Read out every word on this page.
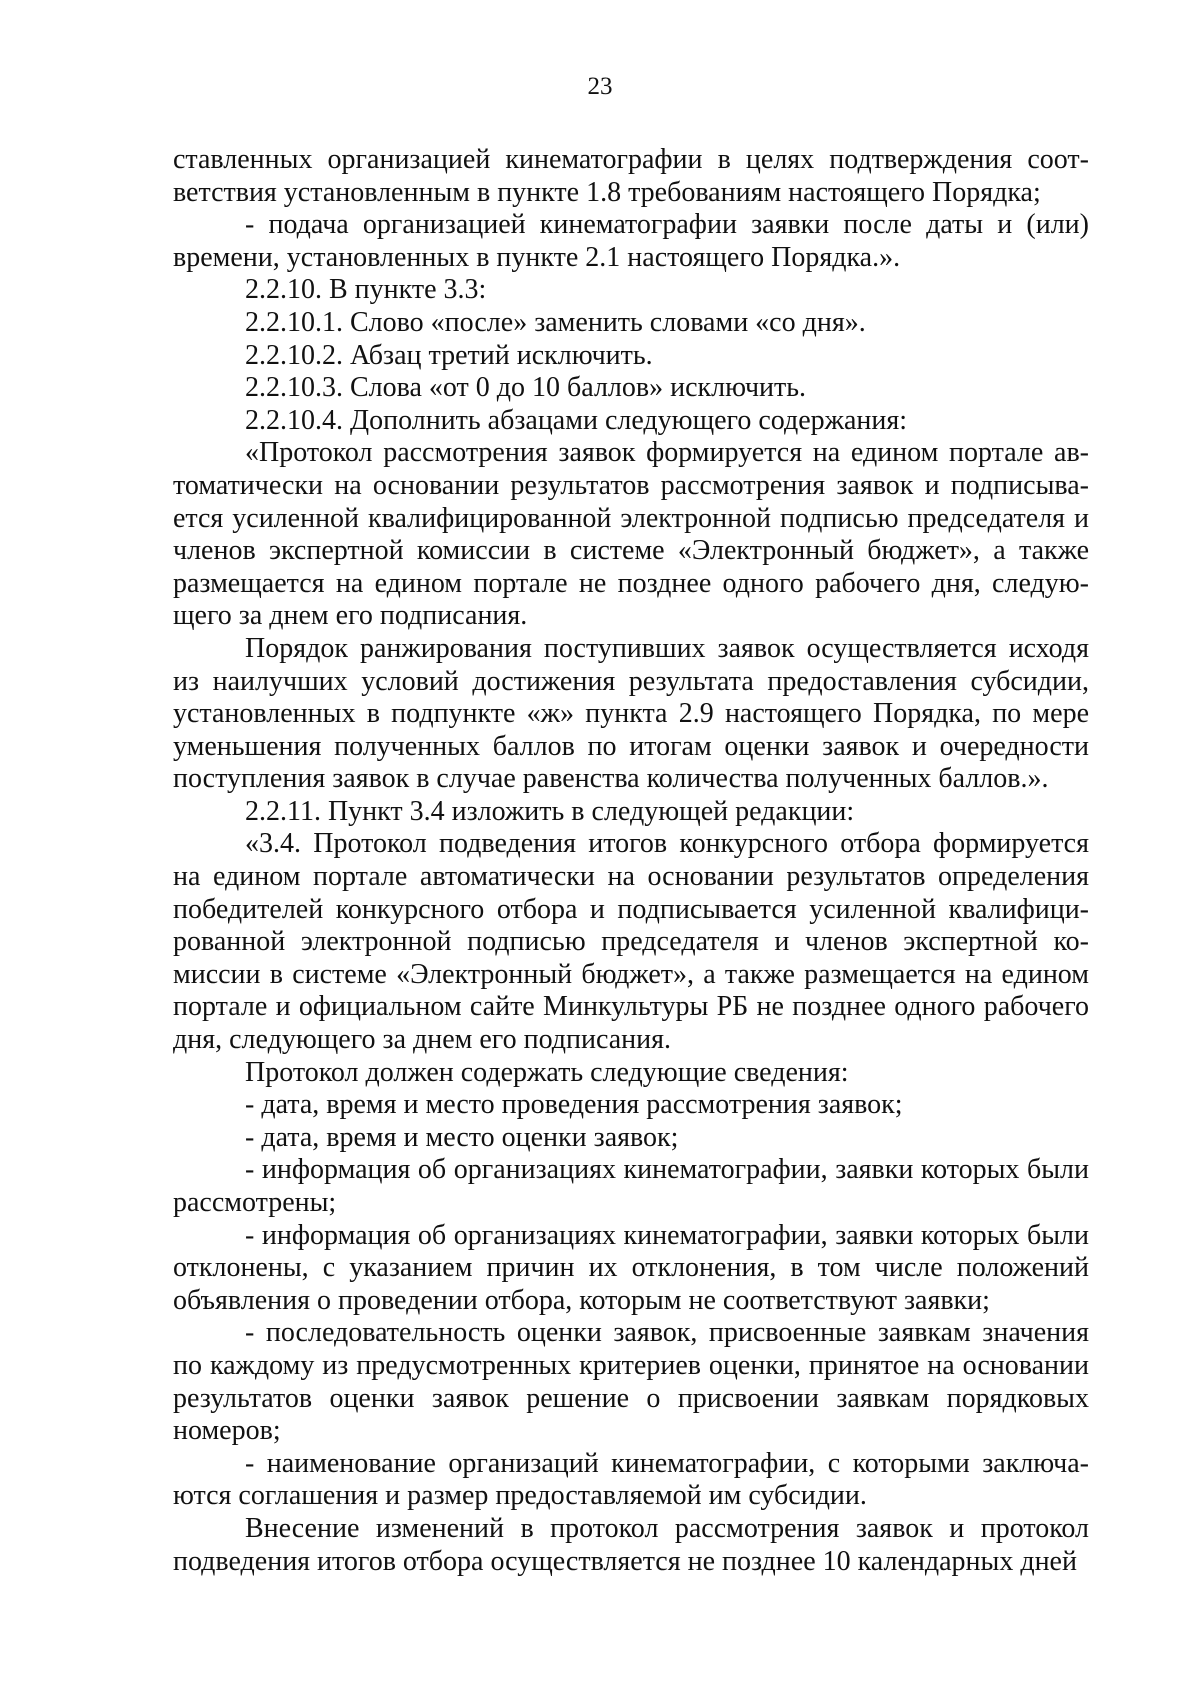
23

ставленных организацией кинематографии в целях подтверждения соответствия установленным в пункте 1.8 требованиям настоящего Порядка;

- подача организацией кинематографии заявки после даты и (или) времени, установленных в пункте 2.1 настоящего Порядка.».

2.2.10. В пункте 3.3:

2.2.10.1. Слово «после» заменить словами «со дня».

2.2.10.2. Абзац третий исключить.

2.2.10.3. Слова «от 0 до 10 баллов» исключить.

2.2.10.4. Дополнить абзацами следующего содержания:

«Протокол рассмотрения заявок формируется на едином портале автоматически на основании результатов рассмотрения заявок и подписывается усиленной квалифицированной электронной подписью председателя и членов экспертной комиссии в системе «Электронный бюджет», а также размещается на едином портале не позднее одного рабочего дня, следующего за днем его подписания.

Порядок ранжирования поступивших заявок осуществляется исходя из наилучших условий достижения результата предоставления субсидии, установленных в подпункте «ж» пункта 2.9 настоящего Порядка, по мере уменьшения полученных баллов по итогам оценки заявок и очередности поступления заявок в случае равенства количества полученных баллов.».

2.2.11. Пункт 3.4 изложить в следующей редакции:

«3.4. Протокол подведения итогов конкурсного отбора формируется на едином портале автоматически на основании результатов определения победителей конкурсного отбора и подписывается усиленной квалифицированной электронной подписью председателя и членов экспертной комиссии в системе «Электронный бюджет», а также размещается на едином портале и официальном сайте Минкультуры РБ не позднее одного рабочего дня, следующего за днем его подписания.

Протокол должен содержать следующие сведения:

- дата, время и место проведения рассмотрения заявок;

- дата, время и место оценки заявок;

- информация об организациях кинематографии, заявки которых были рассмотрены;

- информация об организациях кинематографии, заявки которых были отклонены, с указанием причин их отклонения, в том числе положений объявления о проведении отбора, которым не соответствуют заявки;

- последовательность оценки заявок, присвоенные заявкам значения по каждому из предусмотренных критериев оценки, принятое на основании результатов оценки заявок решение о присвоении заявкам порядковых номеров;

- наименование организаций кинематографии, с которыми заключаются соглашения и размер предоставляемой им субсидии.

Внесение изменений в протокол рассмотрения заявок и протокол подведения итогов отбора осуществляется не позднее 10 календарных дней
